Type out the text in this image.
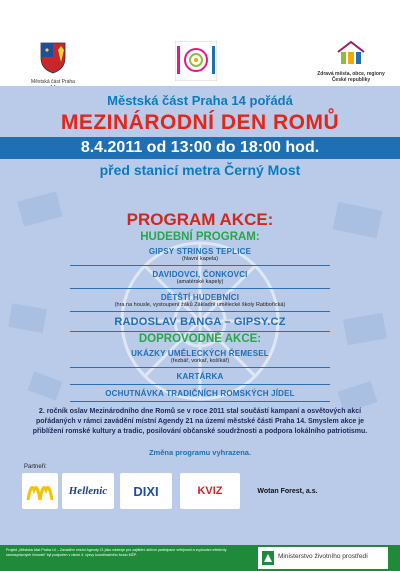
Městská část Praha
Zdravá města, obce, regiony
České republiky
Městská část Praha 14 pořádá
MEZINÁRODNÍ DEN ROMŮ
8.4.2011 od 13:00 do 18:00 hod.
před stanicí metra Černý Most
PROGRAM AKCE:
HUDEBNÍ PROGRAM:
GIPSY STRINGS TEPLICE
(hlavní kapela)
DAVIDOVCI, ČONKOVCI
(amatérské kapely)
DĚTŠTÍ HUDEBNÍCI
(hra na housle, vystoupení žáků Základní umělecké školy Ratibořická)
RADOSLAV BANGA – GIPSY.CZ
DOPROVODNÉ AKCE:
UKÁZKY UMĚLECKÝCH ŘEMESEL
(řezbář, vorkař, košíkář)
KARTÁRKA
OCHUTNÁVKA TRADIČNÍCH ROMSKÝCH JÍDEL
2. ročník oslav Mezinárodního dne Romů se v roce 2011 stal součástí kampaní a osvětových akcí pořádaných v rámci zavádění místní Agendy 21 na území městské části Praha 14. Smyslem akce je přiblížení romské kultury a tradic, posilování občanské soudržnosti a podpora lokálního patriotismu.
Změna programu vyhrazena.
Partneři:
Hellenic DIXI	KVIZ	Wotan Forest, a.s.
Projekt „Městská část Praha 14 – Zavádění místní Agendy 21 jako nástroje pro zajištění aktivní participace veřejnosti a zvyšování efektivity samosprávných činností“ byl podpořen v rámci 4. výzvy koordinačního fondu MŽP.	Ministerstvo životního prostředí
